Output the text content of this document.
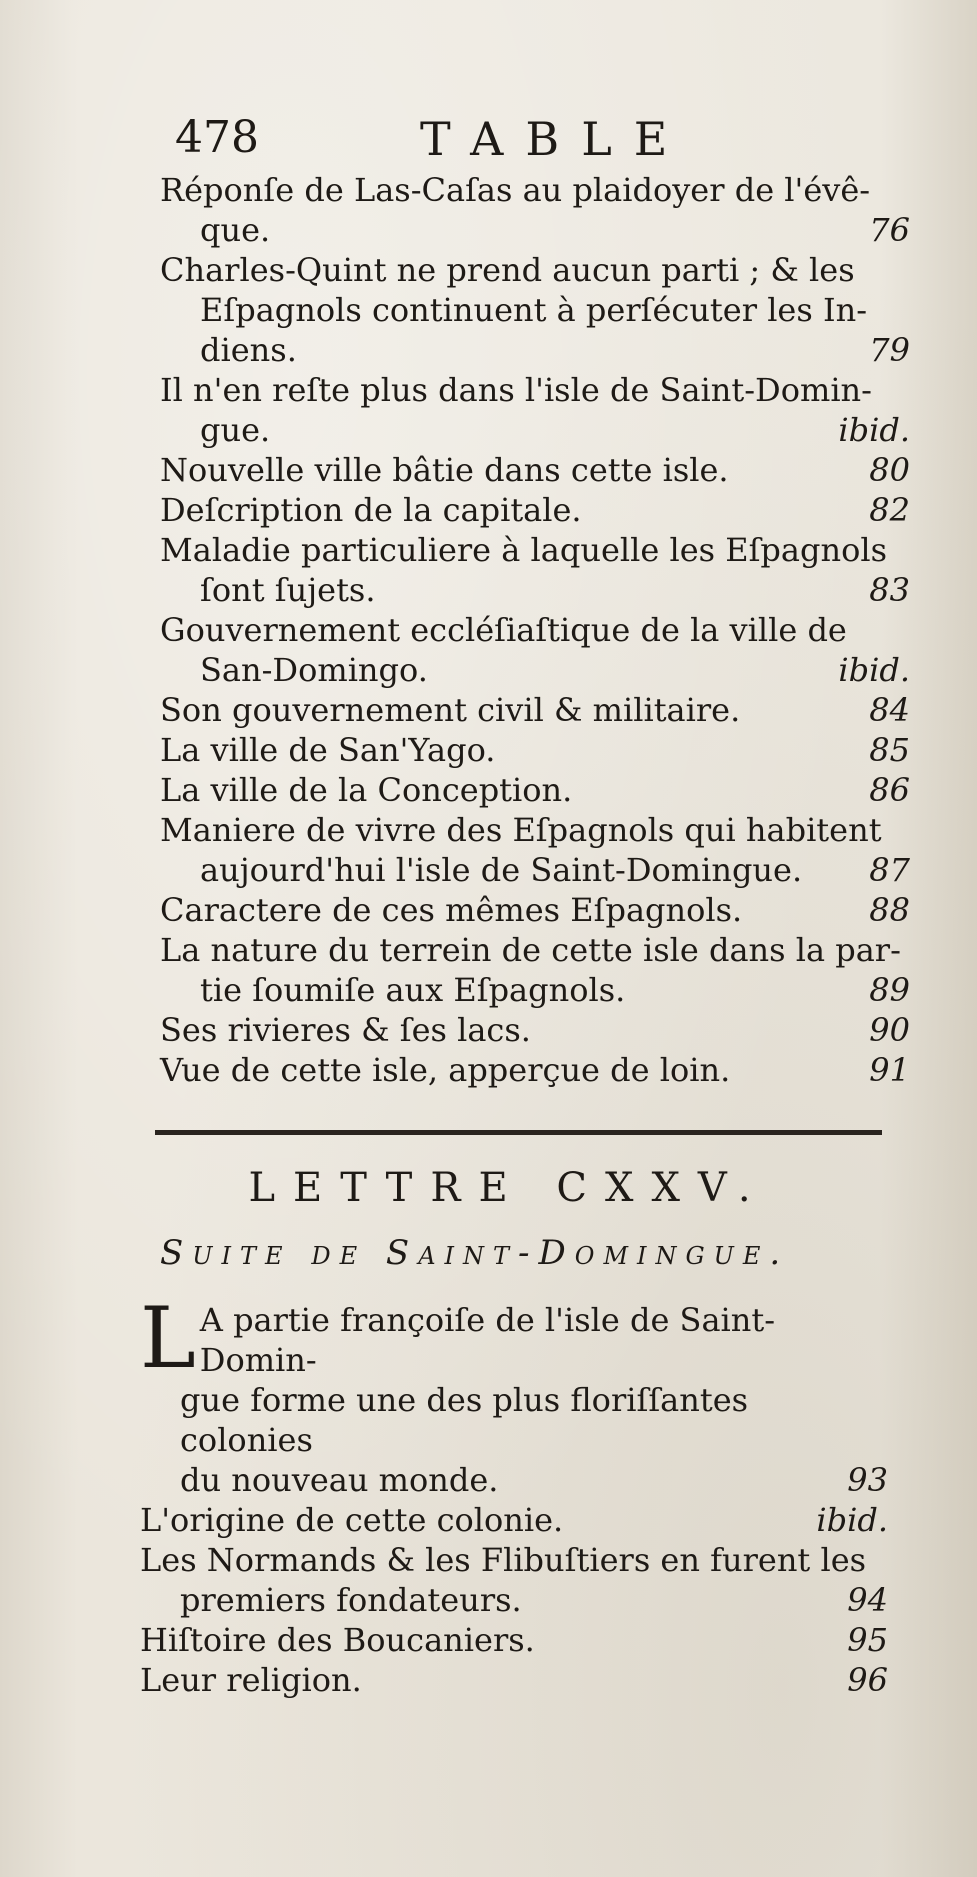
478	TABLE
Réponſe de Las-Caſas au plaidoyer de l'évê-
que.	76
Charles-Quint ne prend aucun parti ; & les
Eſpagnols continuent à perſécuter les In-
diens.	79
Il n'en reſte plus dans l'isle de Saint-Domin-
gue.	ibid.
Nouvelle ville bâtie dans cette isle.	80
Deſcription de la capitale.	82
Maladie particuliere à laquelle les Eſpagnols
ſont ſujets.	83
Gouvernement eccléſiaſtique de la ville de
San-Domingo.	ibid.
Son gouvernement civil & militaire.	84
La ville de San'Yago.	85
La ville de la Conception.	86
Maniere de vivre des Eſpagnols qui habitent
aujourd'hui l'isle de Saint-Domingue.	87
Caractere de ces mêmes Eſpagnols.	88
La nature du terrein de cette isle dans la par-
tie ſoumiſe aux Eſpagnols.	89
Ses rivieres & ſes lacs.	90
Vue de cette isle, apperçue de loin.	91
LETTRE CXXV.
Suite de Saint-Domingue.
L A partie françoiſe de l'isle de Saint-Domin-
gue forme une des plus floriſſantes colonies
du nouveau monde.	93
L'origine de cette colonie.	ibid.
Les Normands & les Flibuſtiers en furent les
premiers fondateurs.	94
Hiſtoire des Boucaniers.	95
Leur religion.	96
